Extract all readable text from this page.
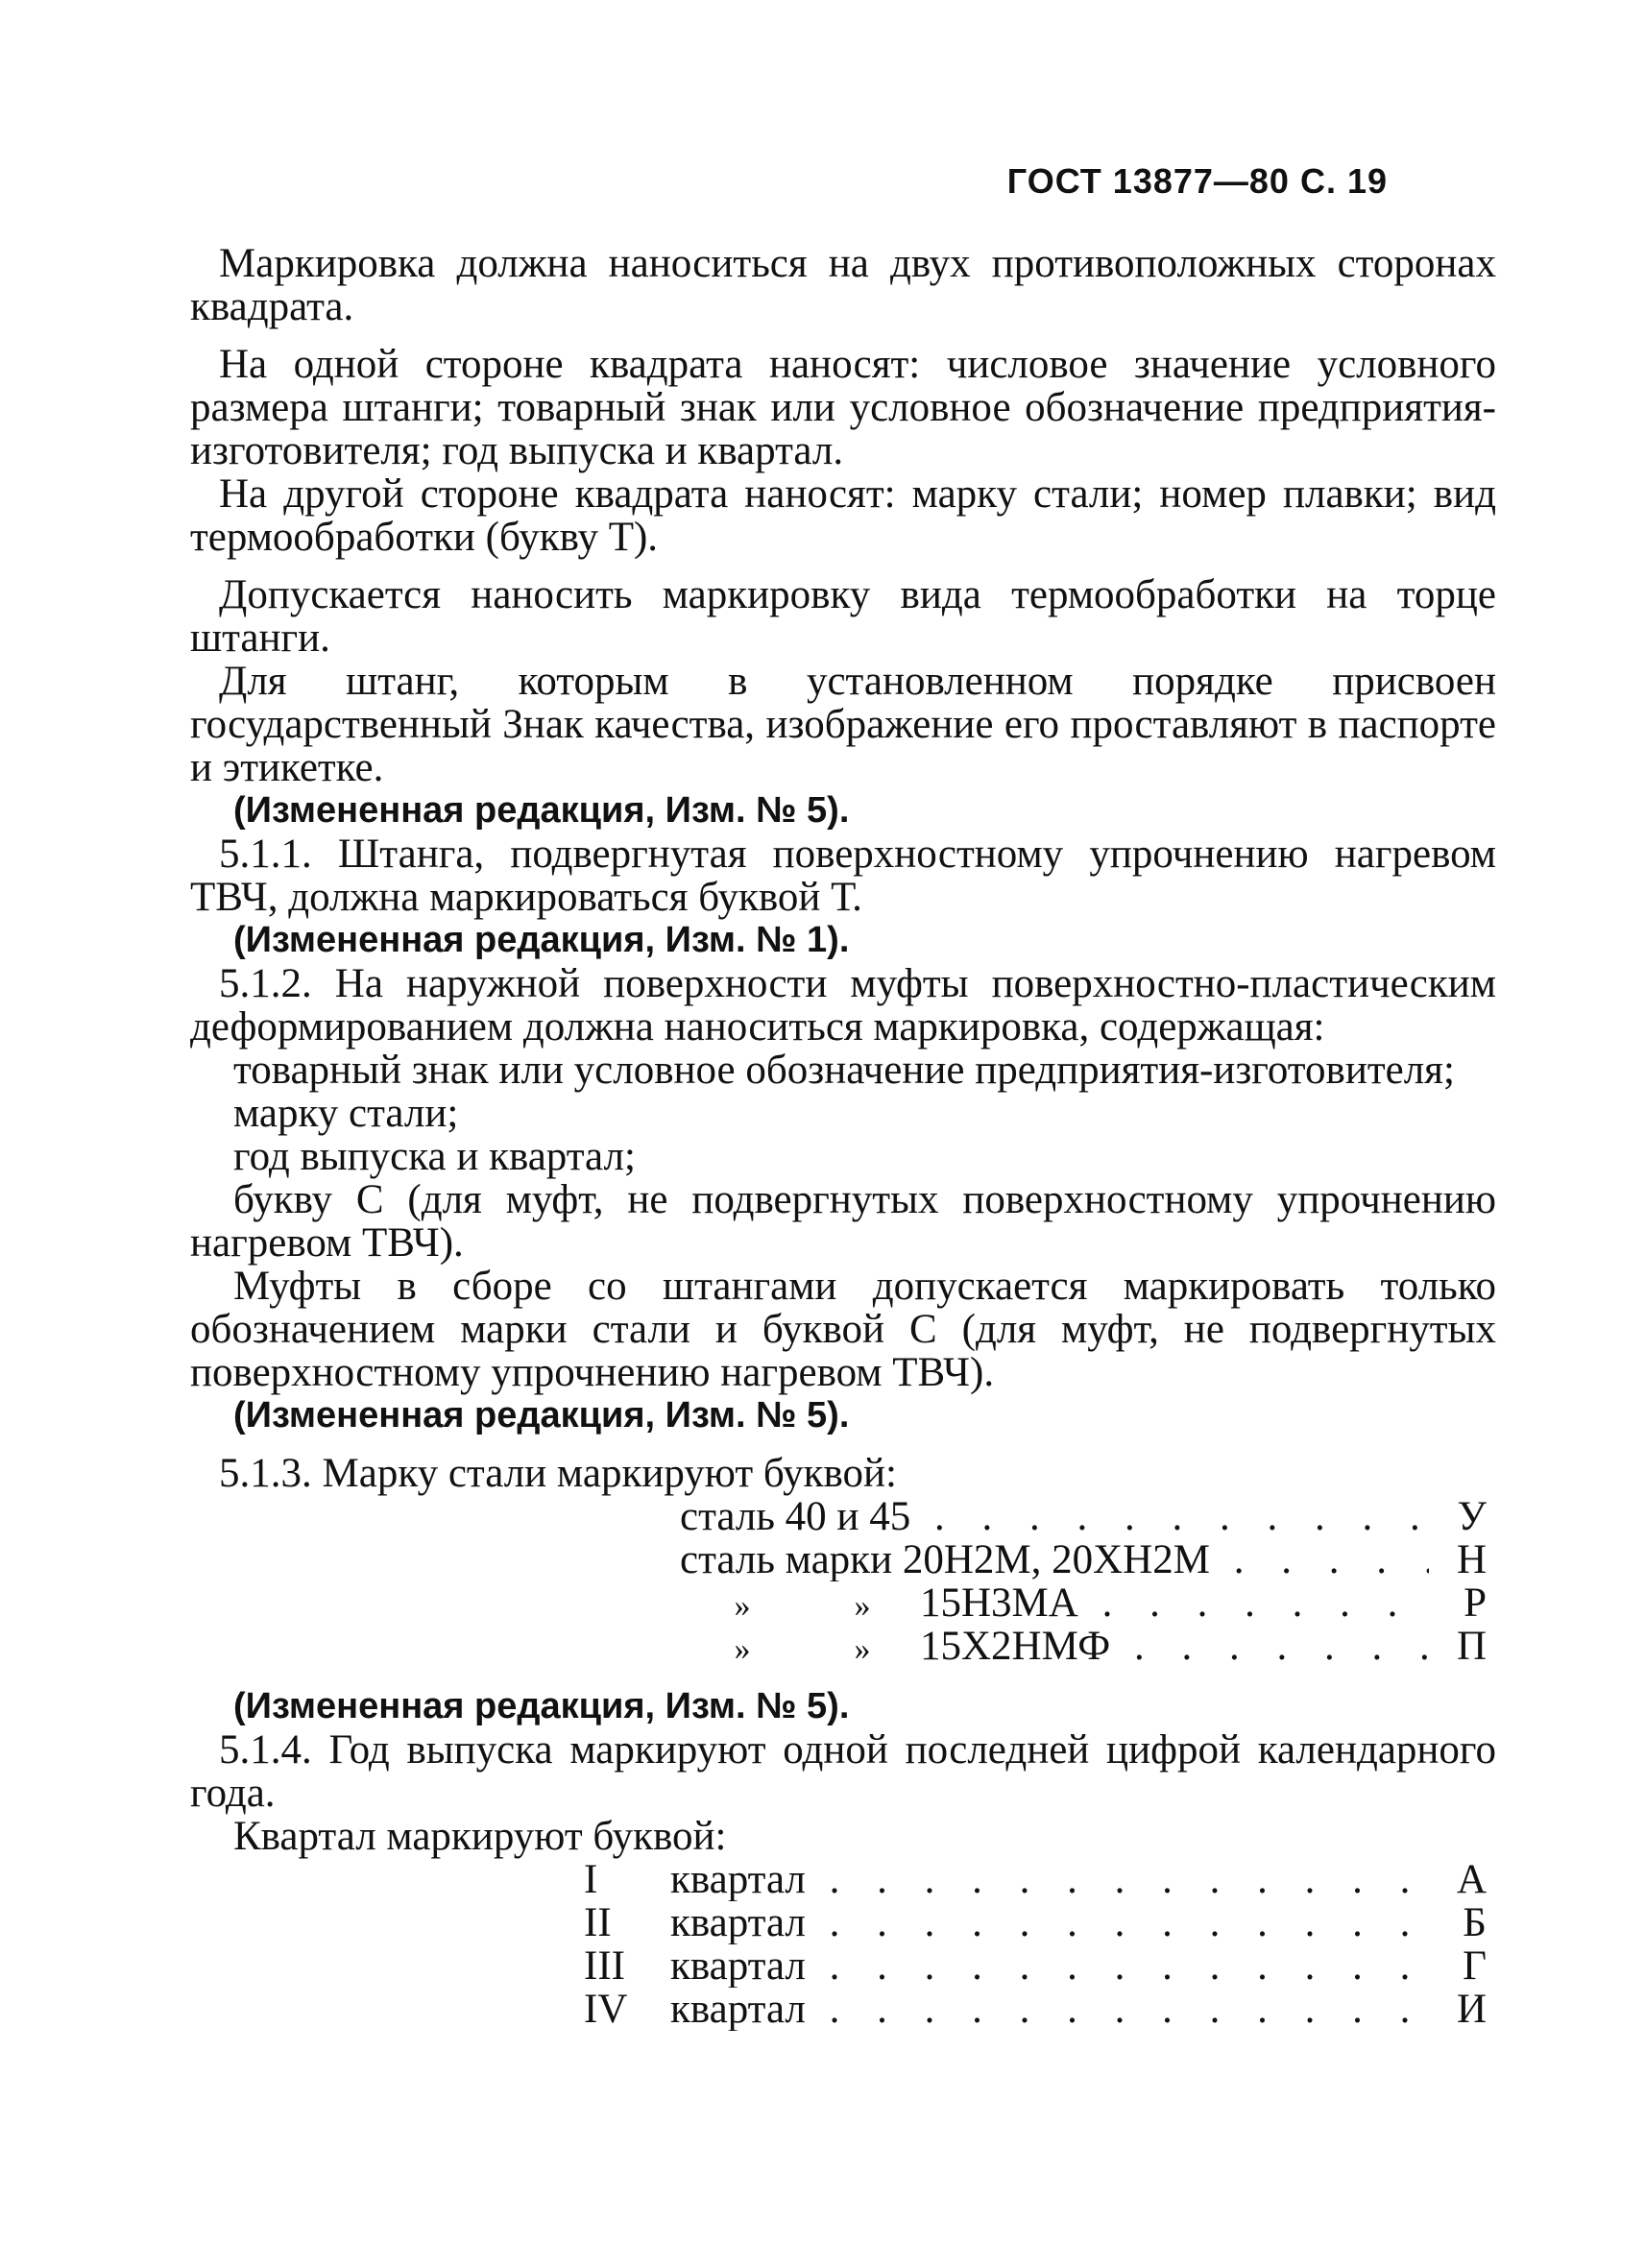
ГОСТ 13877—80 С. 19

Маркировка должна наноситься на двух противоположных сторонах квадрата.

На одной стороне квадрата наносят: числовое значение условного размера штанги; товарный знак или условное обозначение предприятия-изготовителя; год выпуска и квартал.

На другой стороне квадрата наносят: марку стали; номер плавки; вид термообработки (букву Т).

Допускается наносить маркировку вида термообработки на торце штанги.

Для штанг, которым в установленном порядке присвоен государственный Знак качества, изображение его проставляют в паспорте и этикетке.

(Измененная редакция, Изм. № 5).

5.1.1. Штанга, подвергнутая поверхностному упрочнению нагревом ТВЧ, должна маркироваться буквой Т.

(Измененная редакция, Изм. № 1).

5.1.2. На наружной поверхности муфты поверхностно-пластическим деформированием должна наноситься маркировка, содержащая:

товарный знак или условное обозначение предприятия-изготовителя;

марку стали;

год выпуска и квартал;

букву С (для муфт, не подвергнутых поверхностному упрочнению нагревом ТВЧ).

Муфты в сборе со штангами допускается маркировать только обозначением марки стали и буквой С (для муфт, не подвергнутых поверхностному упрочнению нагревом ТВЧ).

(Измененная редакция, Изм. № 5).

5.1.3. Марку стали маркируют буквой:

сталь 40 и 45 . . .	У
сталь марки 20Н2М, 20ХН2М . . .	Н
»	» 15Н3МА . . .	Р
»	» 15Х2НМФ . . .	П

(Измененная редакция, Изм. № 5).

5.1.4. Год выпуска маркируют одной последней цифрой календарного года.

Квартал маркируют буквой:

I	квартал . . .	А
II	квартал . . .	Б
III	квартал . . .	Г
IV	квартал . . .	И
